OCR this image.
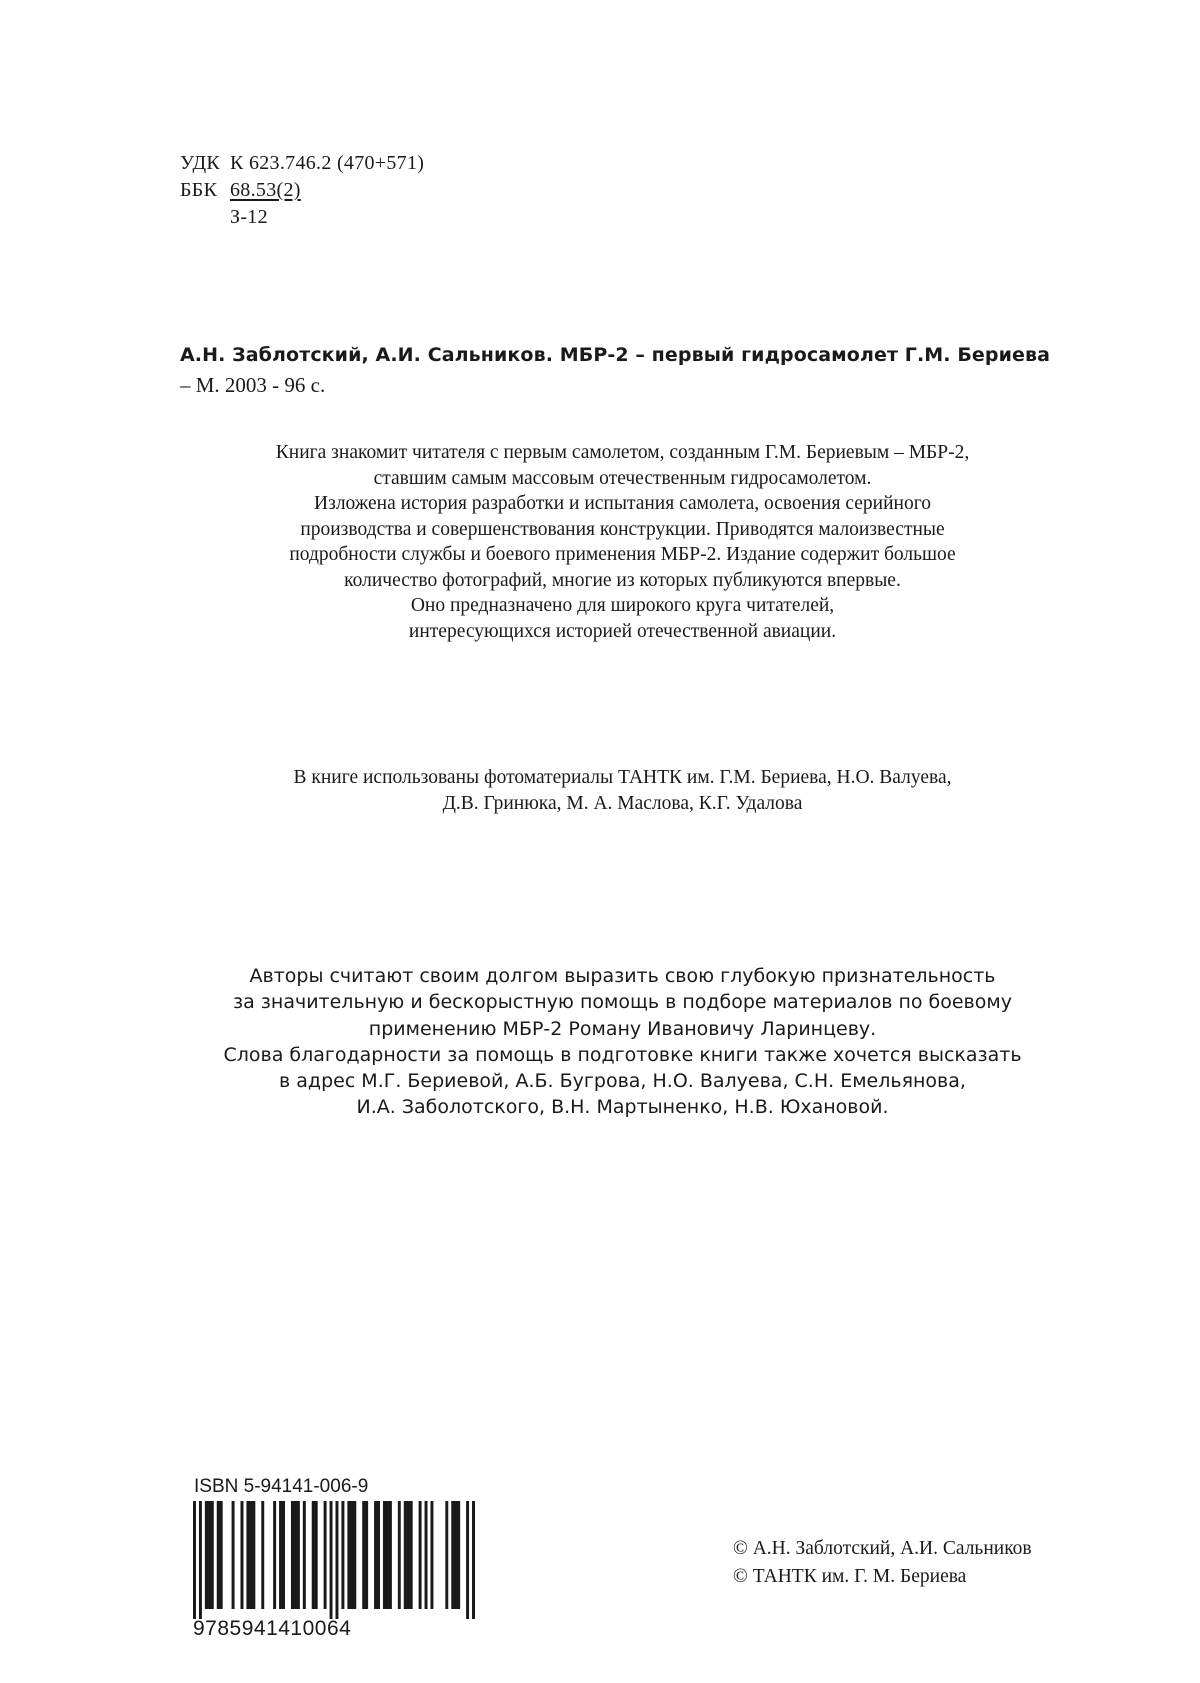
УДК К 623.746.2 (470+571)
ББК 68.53(2)
З-12
А.Н. Заблотский, А.И. Сальников. МБР-2 – первый гидросамолет Г.М. Бериева
– М. 2003 - 96 с.
Книга знакомит читателя с первым самолетом, созданным Г.М. Бериевым – МБР-2,
ставшим самым массовым отечественным гидросамолетом.
Изложена история разработки и испытания самолета, освоения серийного
производства и совершенствования конструкции. Приводятся малоизвестные
подробности службы и боевого применения МБР-2. Издание содержит большое
количество фотографий, многие из которых публикуются впервые.
Оно предназначено для широкого круга читателей,
интересующихся историей отечественной авиации.
В книге использованы фотоматериалы ТАНТК им. Г.М. Бериева, Н.О. Валуева,
Д.В. Гринюка, М. А. Маслова, К.Г. Удалова
Авторы считают своим долгом выразить свою глубокую признательность
за значительную и бескорыстную помощь в подборе материалов по боевому
применению МБР-2 Роману Ивановичу Ларинцеву.
Слова благодарности за помощь в подготовке книги также хочется высказать
в адрес М.Г. Бериевой, А.Б. Бугрова, Н.О. Валуева, С.Н. Емельянова,
И.А. Заболотского, В.Н. Мартыненко, Н.В. Юхановой.
ISBN 5-94141-006-9
9785941410064
© А.Н. Заблотский, А.И. Сальников
© ТАНТК им. Г. М. Бериева
